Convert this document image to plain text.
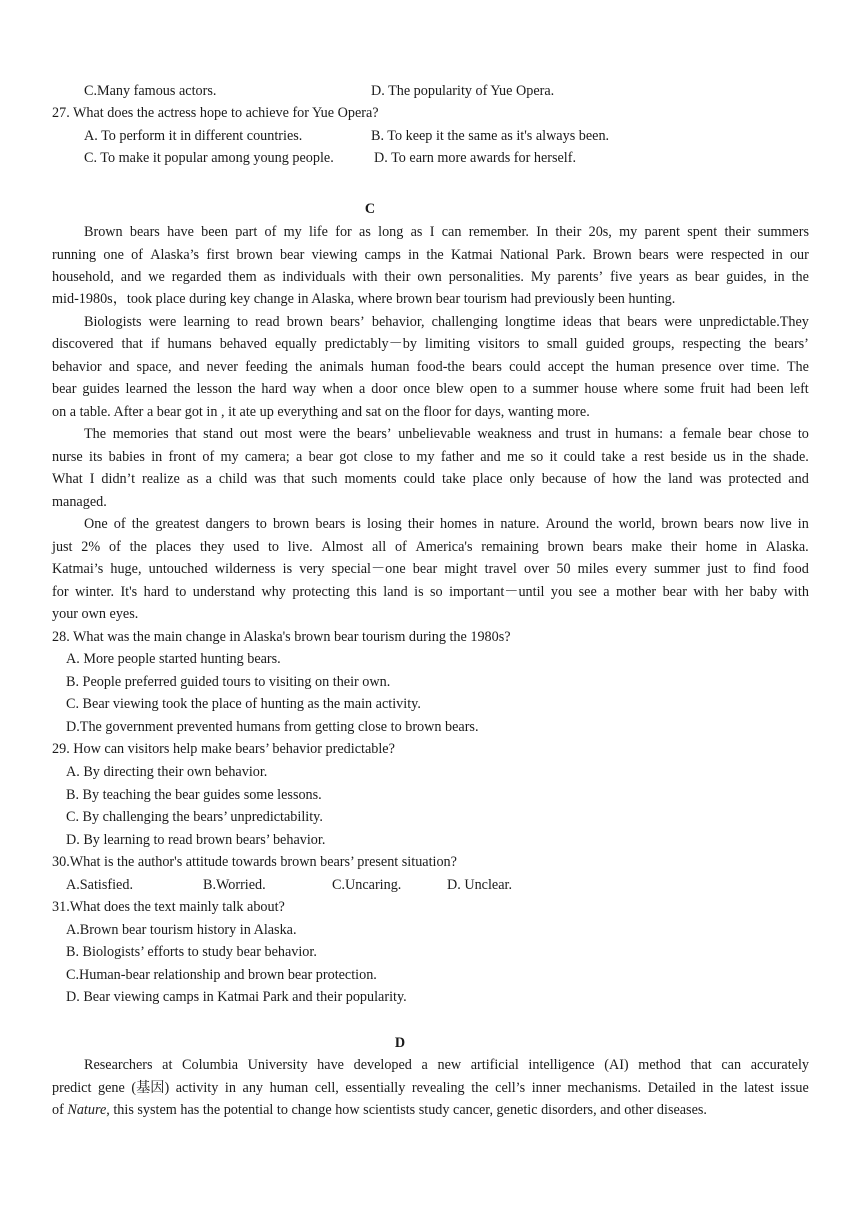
C.Many famous actors.	D. The popularity of Yue Opera.
27. What does the actress hope to achieve for Yue Opera?
A. To perform it in different countries.	B. To keep it the same as it's always been.
C. To make it popular among young people.	D. To earn more awards for herself.
C
Brown bears have been part of my life for as long as I can remember. In their 20s, my parent spent their summers
running one of Alaska’s first brown bear viewing camps in the Katmai National Park. Brown bears were respected in our
household, and we regarded them as individuals with their own personalities. My parents’ five years as bear guides, in the
mid-1980s，took place during key change in Alaska, where brown bear tourism had previously been hunting.
Biologists were learning to read brown bears’ behavior, challenging longtime ideas that bears were unpredictable.They
discovered that if humans behaved equally predictably－by limiting visitors to small guided groups, respecting the bears’
behavior and space, and never feeding the animals human food-the bears could accept the human presence over time. The
bear guides learned the lesson the hard way when a door once blew open to a summer house where some fruit had been left
on a table. After a bear got in , it ate up everything and sat on the floor for days, wanting more.
The memories that stand out most were the bears’ unbelievable weakness and trust in humans: a female bear chose to
nurse its babies in front of my camera; a bear got close to my father and me so it could take a rest beside us in the shade.
What I didn’t realize as a child was that such moments could take place only because of how the land was protected and
managed.
One of the greatest dangers to brown bears is losing their homes in nature. Around the world, brown bears now live in
just 2% of the places they used to live. Almost all of America's remaining brown bears make their home in Alaska.
Katmai’s huge, untouched wilderness is very special－one bear might travel over 50 miles every summer just to find food
for winter. It's hard to understand why protecting this land is so important－until you see a mother bear with her baby with
your own eyes.
28. What was the main change in Alaska's brown bear tourism during the 1980s?
A. More people started hunting bears.
B. People preferred guided tours to visiting on their own.
C. Bear viewing took the place of hunting as the main activity.
D.The government prevented humans from getting close to brown bears.
29. How can visitors help make bears’ behavior predictable?
A. By directing their own behavior.
B. By teaching the bear guides some lessons.
C. By challenging the bears’ unpredictability.
D. By learning to read brown bears’ behavior.
30.What is the author's attitude towards brown bears’ present situation?
A.Satisfied.	B.Worried.	C.Uncaring.	D. Unclear.
31.What does the text mainly talk about?
A.Brown bear tourism history in Alaska.
B. Biologists’ efforts to study bear behavior.
C.Human-bear relationship and brown bear protection.
D. Bear viewing camps in Katmai Park and their popularity.
D
Researchers at Columbia University have developed a new artificial intelligence (AI) method that can accurately
predict gene (基因) activity in any human cell, essentially revealing the cell’s inner mechanisms. Detailed in the latest issue
of Nature, this system has the potential to change how scientists study cancer, genetic disorders, and other diseases.
